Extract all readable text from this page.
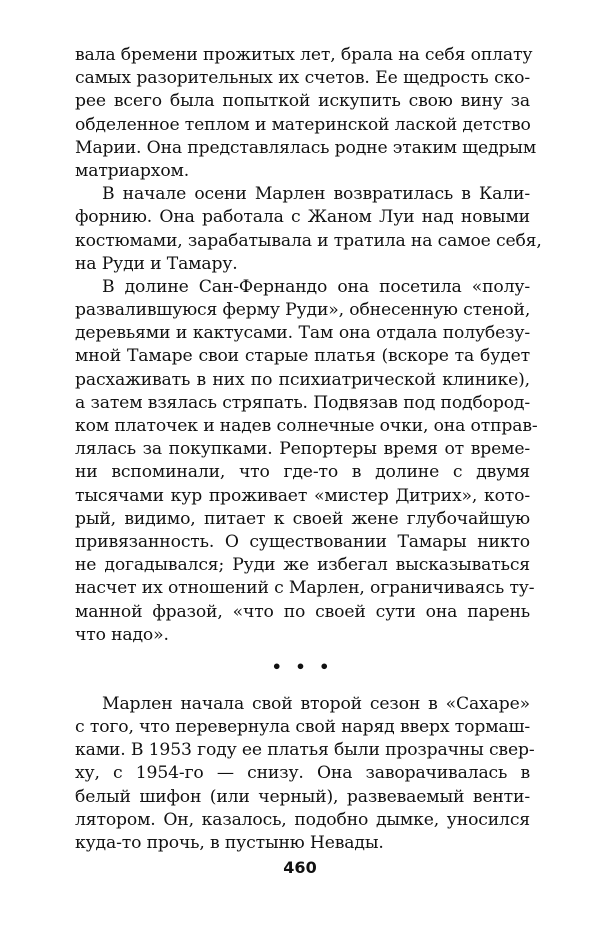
вала бремени прожитых лет, брала на себя оплату
самых разорительных их счетов. Ее щедрость ско-
рее всего была попыткой искупить свою вину за
обделенное теплом и материнской лаской детство
Марии. Она представлялась родне этаким щедрым
матриархом.
В начале осени Марлен возвратилась в Кали-
форнию. Она работала с Жаном Луи над новыми
костюмами, зарабатывала и тратила на самое себя,
на Руди и Тамару.
В долине Сан-Фернандо она посетила «полу-
развалившуюся ферму Руди», обнесенную стеной,
деревьями и кактусами. Там она отдала полубезу-
мной Тамаре свои старые платья (вскоре та будет
расхаживать в них по психиатрической клинике),
а затем взялась стряпать. Подвязав под подбород-
ком платочек и надев солнечные очки, она отправ-
лялась за покупками. Репортеры время от време-
ни вспоминали, что где-то в долине с двумя
тысячами кур проживает «мистер Дитрих», кото-
рый, видимо, питает к своей жене глубочайшую
привязанность. О существовании Тамары никто
не догадывался; Руди же избегал высказываться
насчет их отношений с Марлен, ограничиваясь ту-
манной фразой, «что по своей сути она парень
что надо».
• • •
Марлен начала свой второй сезон в «Сахаре»
с того, что перевернула свой наряд вверх тормаш-
ками. В 1953 году ее платья были прозрачны свер-
ху, с 1954-го — снизу. Она заворачивалась в
белый шифон (или черный), развеваемый венти-
лятором. Он, казалось, подобно дымке, уносился
куда-то прочь, в пустыню Невады.
460
